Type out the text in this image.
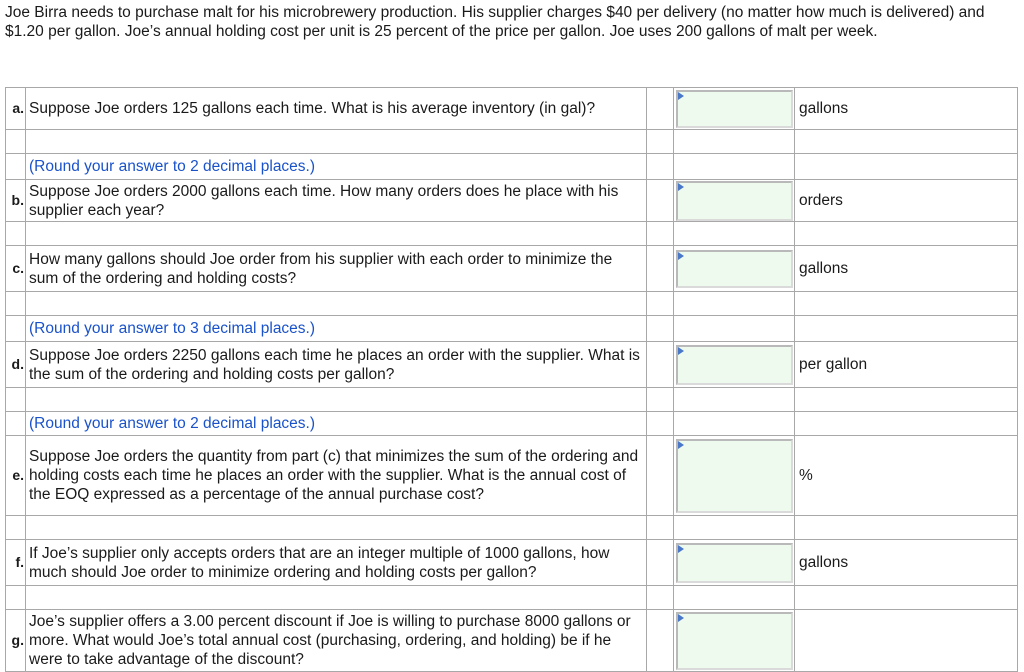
Joe Birra needs to purchase malt for his microbrewery production. His supplier charges $40 per delivery (no matter how much is delivered) and $1.20 per gallon. Joe’s annual holding cost per unit is 25 percent of the price per gallon. Joe uses 200 gallons of malt per week.

a.	Suppose Joe orders 125 gallons each time. What is his average inventory (in gal)?			gallons

	(Round your answer to 2 decimal places.)			
b.	Suppose Joe orders 2000 gallons each time. How many orders does he place with his supplier each year?			orders

c.	How many gallons should Joe order from his supplier with each order to minimize the sum of the ordering and holding costs?			gallons

	(Round your answer to 3 decimal places.)			
d.	Suppose Joe orders 2250 gallons each time he places an order with the supplier. What is the sum of the ordering and holding costs per gallon?			per gallon

	(Round your answer to 2 decimal places.)			
e.	Suppose Joe orders the quantity from part (c) that minimizes the sum of the ordering and holding costs each time he places an order with the supplier. What is the annual cost of the EOQ expressed as a percentage of the annual purchase cost?			%

f.	If Joe’s supplier only accepts orders that are an integer multiple of 1000 gallons, how much should Joe order to minimize ordering and holding costs per gallon?			gallons

g.	Joe’s supplier offers a 3.00 percent discount if Joe is willing to purchase 8000 gallons or more. What would Joe’s total annual cost (purchasing, ordering, and holding) be if he were to take advantage of the discount?		
